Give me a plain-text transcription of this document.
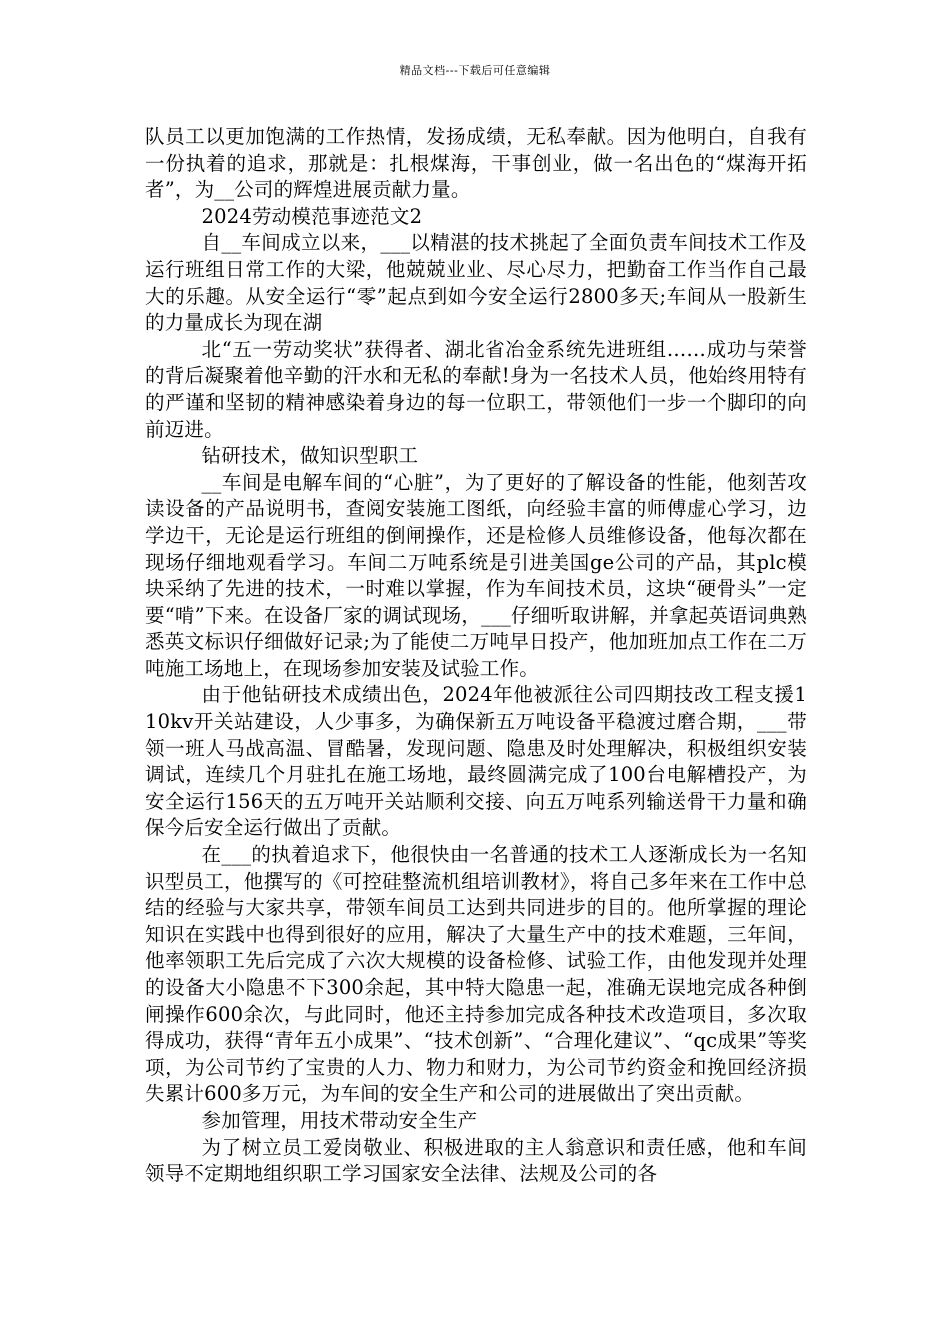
精品文档---下载后可任意编辑

队员工以更加饱满的工作热情，发扬成绩，无私奉献。因为他明白，自我有一份执着的追求，那就是：扎根煤海，干事创业，做一名出色的“煤海开拓者”，为__公司的辉煌进展贡献力量。

2024劳动模范事迹范文2

自__车间成立以来，___以精湛的技术挑起了全面负责车间技术工作及运行班组日常工作的大梁，他兢兢业业、尽心尽力，把勤奋工作当作自己最大的乐趣。从安全运行“零”起点到如今安全运行2800多天;车间从一股新生的力量成长为现在湖

北“五一劳动奖状”获得者、湖北省冶金系统先进班组……成功与荣誉的背后凝聚着他辛勤的汗水和无私的奉献!身为一名技术人员，他始终用特有的严谨和坚韧的精神感染着身边的每一位职工，带领他们一步一个脚印的向前迈进。

钻研技术，做知识型职工

__车间是电解车间的“心脏”，为了更好的了解设备的性能，他刻苦攻读设备的产品说明书，查阅安装施工图纸，向经验丰富的师傅虚心学习，边学边干，无论是运行班组的倒闸操作，还是检修人员维修设备，他每次都在现场仔细地观看学习。车间二万吨系统是引进美国ge公司的产品，其plc模块采纳了先进的技术，一时难以掌握，作为车间技术员，这块“硬骨头”一定要“啃”下来。在设备厂家的调试现场，___仔细听取讲解，并拿起英语词典熟悉英文标识仔细做好记录;为了能使二万吨早日投产，他加班加点工作在二万吨施工场地上，在现场参加安装及试验工作。

由于他钻研技术成绩出色，2024年他被派往公司四期技改工程支援110kv开关站建设，人少事多，为确保新五万吨设备平稳渡过磨合期，___带领一班人马战高温、冒酷暑，发现问题、隐患及时处理解决，积极组织安装调试，连续几个月驻扎在施工场地，最终圆满完成了100台电解槽投产，为安全运行156天的五万吨开关站顺利交接、向五万吨系列输送骨干力量和确保今后安全运行做出了贡献。

在___的执着追求下，他很快由一名普通的技术工人逐渐成长为一名知识型员工，他撰写的《可控硅整流机组培训教材》，将自己多年来在工作中总结的经验与大家共享，带领车间员工达到共同进步的目的。他所掌握的理论知识在实践中也得到很好的应用，解决了大量生产中的技术难题，三年间，他率领职工先后完成了六次大规模的设备检修、试验工作，由他发现并处理的设备大小隐患不下300余起，其中特大隐患一起，准确无误地完成各种倒闸操作600余次，与此同时，他还主持参加完成各种技术改造项目，多次取得成功，获得“青年五小成果”、“技术创新”、“合理化建议”、“qc成果”等奖项，为公司节约了宝贵的人力、物力和财力，为公司节约资金和挽回经济损失累计600多万元，为车间的安全生产和公司的进展做出了突出贡献。

参加管理，用技术带动安全生产

为了树立员工爱岗敬业、积极进取的主人翁意识和责任感，他和车间领导不定期地组织职工学习国家安全法律、法规及公司的各
